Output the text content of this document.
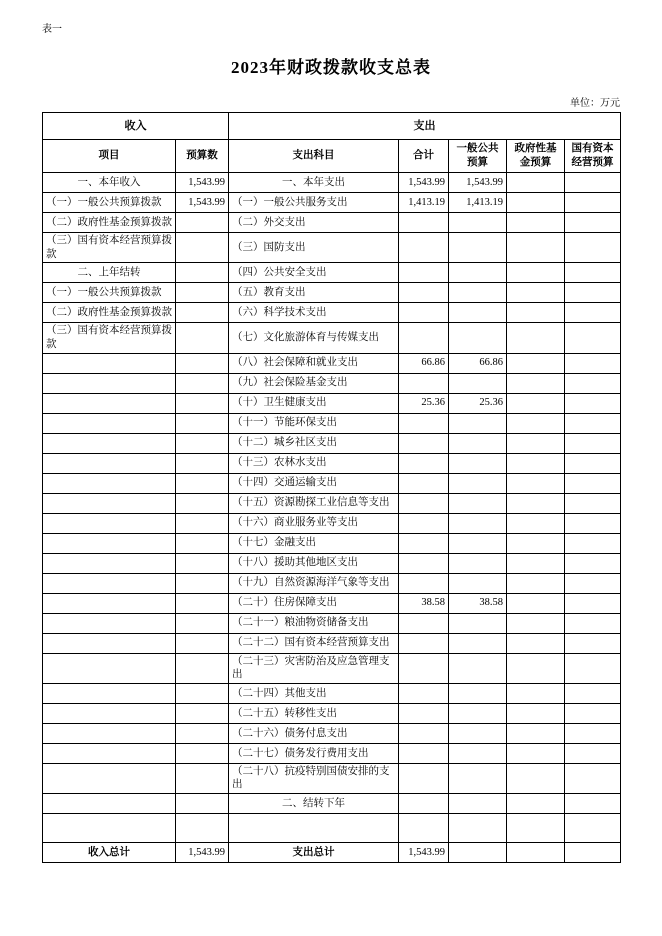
表一
2023年财政拨款收支总表
单位：万元
收入		支出				
项目	预算数	支出科目	合计	一般公共预算	政府性基金预算	国有资本经营预算
一、本年收入	1,543.99	一、本年支出	1,543.99	1,543.99		
（一）一般公共预算拨款	1,543.99	（一）一般公共服务支出	1,413.19	1,413.19		
（二）政府性基金预算拨款		（二）外交支出				
（三）国有资本经营预算拨款		（三）国防支出				
二、上年结转		（四）公共安全支出				
（一）一般公共预算拨款		（五）教育支出				
（二）政府性基金预算拨款		（六）科学技术支出				
（三）国有资本经营预算拨款		（七）文化旅游体育与传媒支出				
		（八）社会保障和就业支出	66.86	66.86		
		（九）社会保险基金支出				
		（十）卫生健康支出	25.36	25.36		
		（十一）节能环保支出				
		（十二）城乡社区支出				
		（十三）农林水支出				
		（十四）交通运输支出				
		（十五）资源勘探工业信息等支出				
		（十六）商业服务业等支出				
		（十七）金融支出				
		（十八）援助其他地区支出				
		（十九）自然资源海洋气象等支出				
		（二十）住房保障支出	38.58	38.58		
		（二十一）粮油物资储备支出				
		（二十二）国有资本经营预算支出				
		（二十三）灾害防治及应急管理支出				
		（二十四）其他支出				
		（二十五）转移性支出				
		（二十六）债务付息支出				
		（二十七）债务发行费用支出				
		（二十八）抗疫特别国债安排的支出				
		二、结转下年				

收入总计	1,543.99	支出总计	1,543.99			
